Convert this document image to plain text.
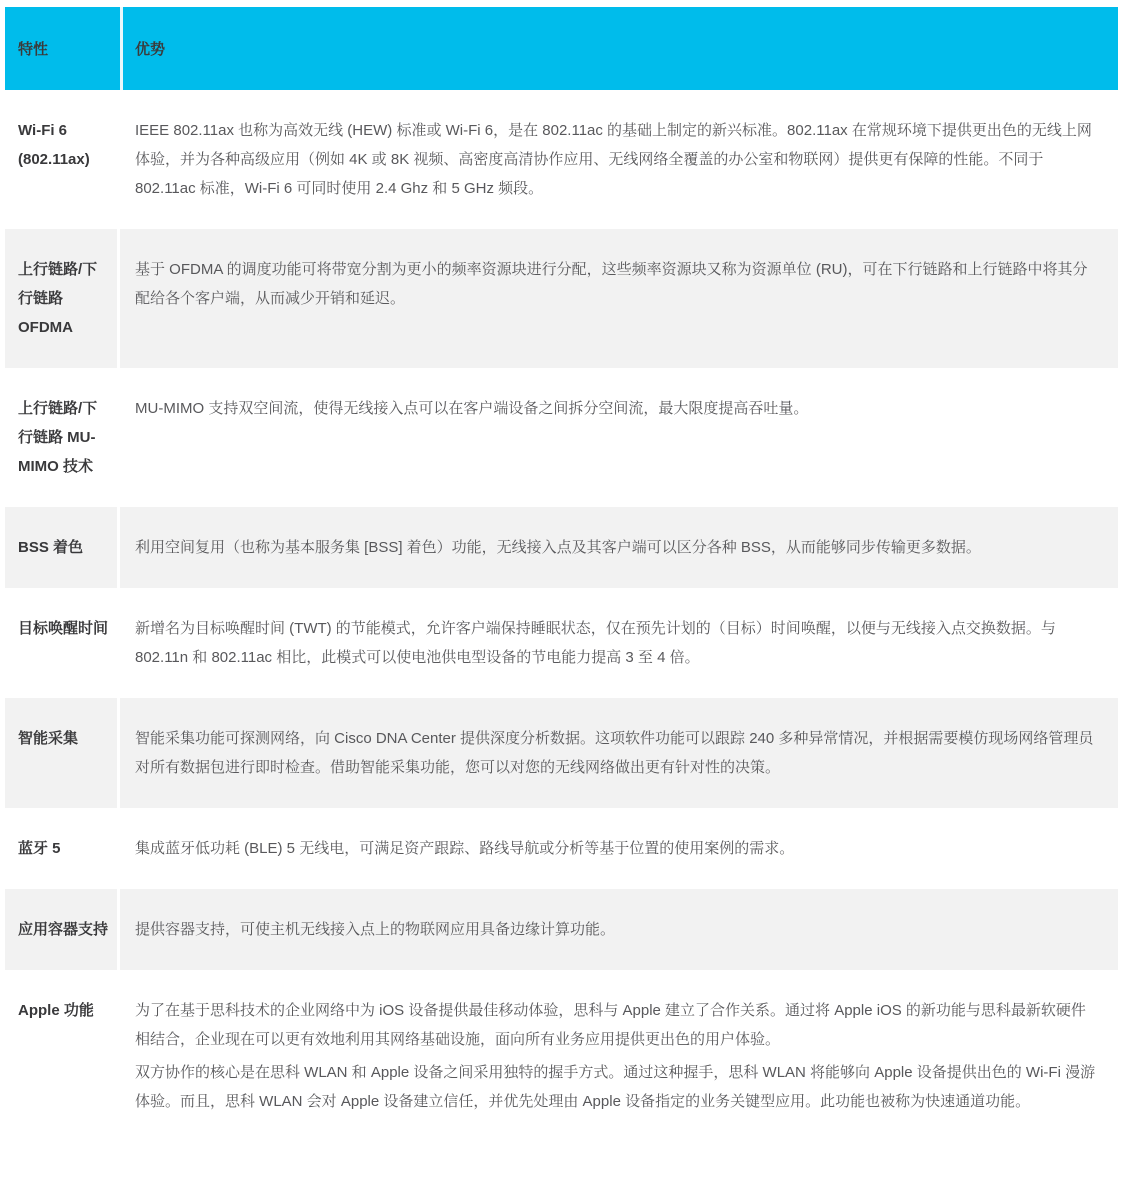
特性	优势
Wi-Fi 6 (802.11ax)	IEEE 802.11ax 也称为高效无线 (HEW) 标准或 Wi-Fi 6，是在 802.11ac 的基础上制定的新兴标准。802.11ax 在常规环境下提供更出色的无线上网体验，并为各种高级应用（例如 4K 或 8K 视频、高密度高清协作应用、无线网络全覆盖的办公室和物联网）提供更有保障的性能。不同于 802.11ac 标准，Wi-Fi 6 可同时使用 2.4 Ghz 和 5 GHz 频段。

上行链路/下行链路 OFDMA	基于 OFDMA 的调度功能可将带宽分割为更小的频率资源块进行分配，这些频率资源块又称为资源单位 (RU)，可在下行链路和上行链路中将其分配给各个客户端，从而减少开销和延迟。

上行链路/下行链路 MU-MIMO 技术	MU-MIMO 支持双空间流，使得无线接入点可以在客户端设备之间拆分空间流，最大限度提高吞吐量。

BSS 着色	利用空间复用（也称为基本服务集 [BSS] 着色）功能，无线接入点及其客户端可以区分各种 BSS，从而能够同步传输更多数据。

目标唤醒时间	新增名为目标唤醒时间 (TWT) 的节能模式，允许客户端保持睡眠状态，仅在预先计划的（目标）时间唤醒，以便与无线接入点交换数据。与 802.11n 和 802.11ac 相比，此模式可以使电池供电型设备的节电能力提高 3 至 4 倍。

智能采集	智能采集功能可探测网络，向 Cisco DNA Center 提供深度分析数据。这项软件功能可以跟踪 240 多种异常情况，并根据需要模仿现场网络管理员对所有数据包进行即时检查。借助智能采集功能，您可以对您的无线网络做出更有针对性的决策。

蓝牙 5	集成蓝牙低功耗 (BLE) 5 无线电，可满足资产跟踪、路线导航或分析等基于位置的使用案例的需求。

应用容器支持	提供容器支持，可使主机无线接入点上的物联网应用具备边缘计算功能。

Apple 功能	为了在基于思科技术的企业网络中为 iOS 设备提供最佳移动体验，思科与 Apple 建立了合作关系。通过将 Apple iOS 的新功能与思科最新软硬件相结合，企业现在可以更有效地利用其网络基础设施，面向所有业务应用提供更出色的用户体验。

双方协作的核心是在思科 WLAN 和 Apple 设备之间采用独特的握手方式。通过这种握手，思科 WLAN 将能够向 Apple 设备提供出色的 Wi-Fi 漫游体验。而且，思科 WLAN 会对 Apple 设备建立信任，并优先处理由 Apple 设备指定的业务关键型应用。此功能也被称为快速通道功能。
